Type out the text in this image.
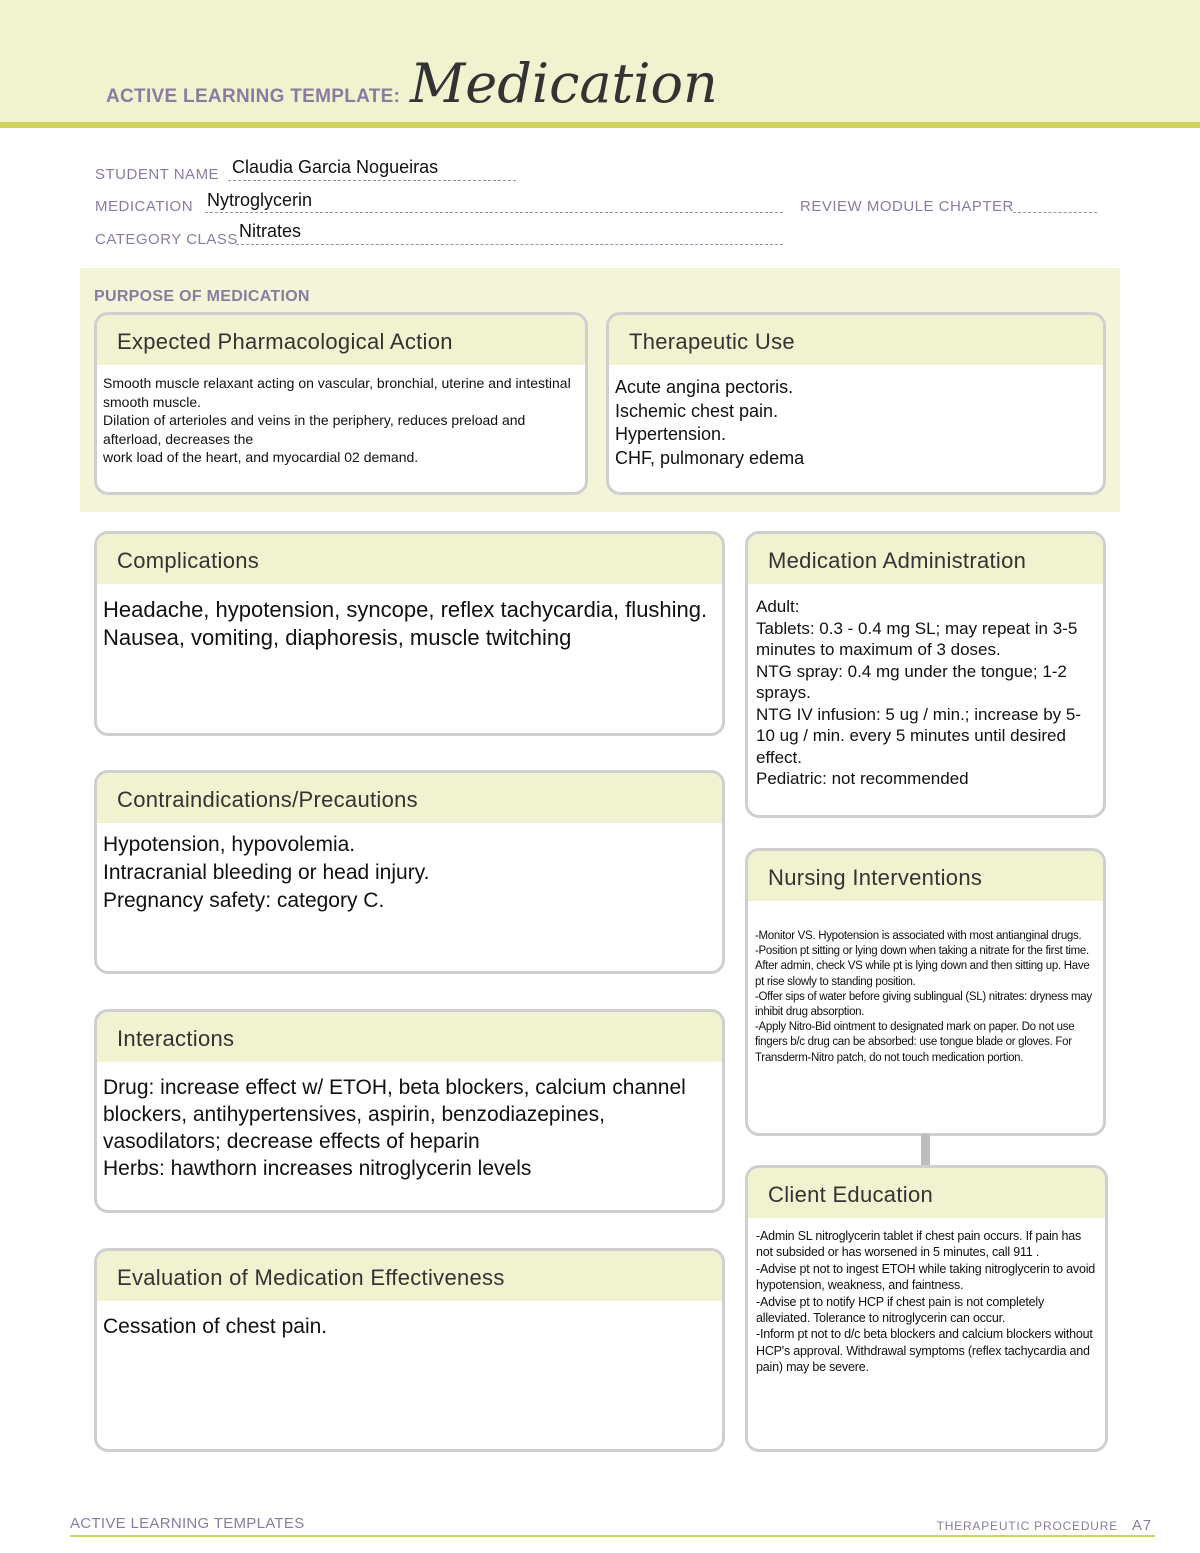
ACTIVE LEARNING TEMPLATE: Medication
STUDENT NAME Claudia Garcia Nogueiras
MEDICATION Nytroglycerin	REVIEW MODULE CHAPTER
CATEGORY CLASS Nitrates
PURPOSE OF MEDICATION
Expected Pharmacological Action
Smooth muscle relaxant acting on vascular, bronchial, uterine and intestinal smooth muscle.
Dilation of arterioles and veins in the periphery, reduces preload and afterload, decreases the
work load of the heart, and myocardial 02 demand.
Therapeutic Use
Acute angina pectoris.
Ischemic chest pain.
Hypertension.
CHF, pulmonary edema
Complications
Headache, hypotension, syncope, reflex tachycardia, flushing. Nausea, vomiting, diaphoresis, muscle twitching
Contraindications/Precautions
Hypotension, hypovolemia.
Intracranial bleeding or head injury.
Pregnancy safety: category C.
Interactions
Drug: increase effect w/ ETOH, beta blockers, calcium channel blockers, antihypertensives, aspirin, benzodiazepines, vasodilators; decrease effects of heparin
Herbs: hawthorn increases nitroglycerin levels
Evaluation of Medication Effectiveness
Cessation of chest pain.
Medication Administration
Adult:
Tablets: 0.3 - 0.4 mg SL; may repeat in 3-5 minutes to maximum of 3 doses.
NTG spray: 0.4 mg under the tongue; 1-2 sprays.
NTG IV infusion: 5 ug / min.; increase by 5-10 ug / min. every 5 minutes until desired effect.
Pediatric: not recommended
Nursing Interventions
-Monitor VS. Hypotension is associated with most antianginal drugs.
-Position pt sitting or lying down when taking a nitrate for the first time. After admin, check VS while pt is lying down and then sitting up. Have pt rise slowly to standing position.
-Offer sips of water before giving sublingual (SL) nitrates: dryness may inhibit drug absorption.
-Apply Nitro-Bid ointment to designated mark on paper. Do not use fingers b/c drug can be absorbed: use tongue blade or gloves. For Transderm-Nitro patch, do not touch medication portion.
Client Education
-Admin SL nitroglycerin tablet if chest pain occurs. If pain has not subsided or has worsened in 5 minutes, call 911 .
-Advise pt not to ingest ETOH while taking nitroglycerin to avoid hypotension, weakness, and faintness.
-Advise pt to notify HCP if chest pain is not completely alleviated. Tolerance to nitroglycerin can occur.
-Inform pt not to d/c beta blockers and calcium blockers without HCP's approval. Withdrawal symptoms (reflex tachycardia and pain) may be severe.
ACTIVE LEARNING TEMPLATES	THERAPEUTIC PROCEDURE A7
